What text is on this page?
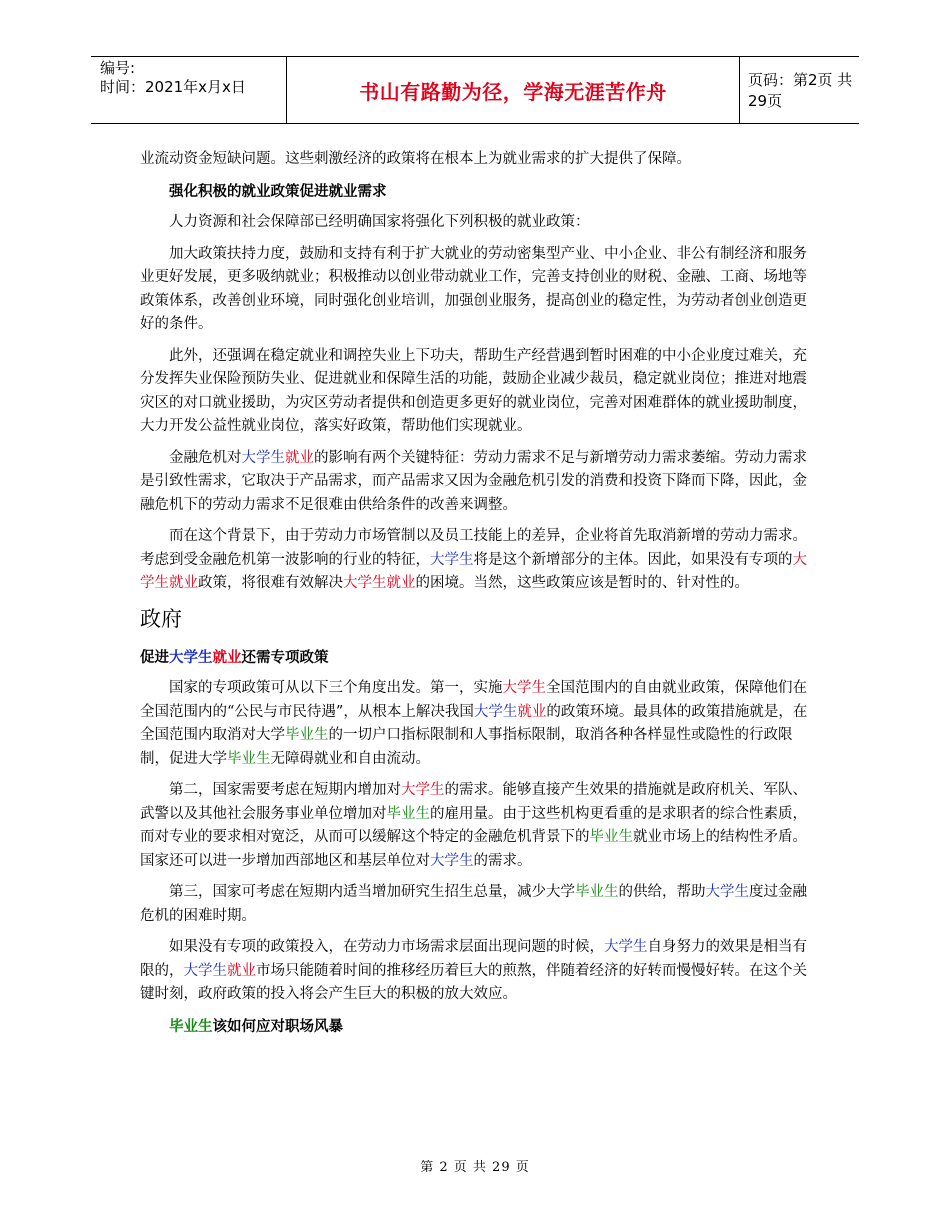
编号:
时间：2021年x月x日	书山有路勤为径，学海无涯苦作舟	页码：第2页 共29页

业流动资金短缺问题。这些刺激经济的政策将在根本上为就业需求的扩大提供了保障。

强化积极的就业政策促进就业需求

人力资源和社会保障部已经明确国家将强化下列积极的就业政策：

加大政策扶持力度，鼓励和支持有利于扩大就业的劳动密集型产业、中小企业、非公有制经济和服务业更好发展，更多吸纳就业；积极推动以创业带动就业工作，完善支持创业的财税、金融、工商、场地等政策体系，改善创业环境，同时强化创业培训，加强创业服务，提高创业的稳定性，为劳动者创业创造更好的条件。

此外，还强调在稳定就业和调控失业上下功夫，帮助生产经营遇到暂时困难的中小企业度过难关，充分发挥失业保险预防失业、促进就业和保障生活的功能，鼓励企业减少裁员，稳定就业岗位；推进对地震灾区的对口就业援助，为灾区劳动者提供和创造更多更好的就业岗位，完善对困难群体的就业援助制度，大力开发公益性就业岗位，落实好政策，帮助他们实现就业。

金融危机对大学生就业的影响有两个关键特征：劳动力需求不足与新增劳动力需求萎缩。劳动力需求是引致性需求，它取决于产品需求，而产品需求又因为金融危机引发的消费和投资下降而下降，因此，金融危机下的劳动力需求不足很难由供给条件的改善来调整。

而在这个背景下，由于劳动力市场管制以及员工技能上的差异，企业将首先取消新增的劳动力需求。考虑到受金融危机第一波影响的行业的特征，大学生将是这个新增部分的主体。因此，如果没有专项的大学生就业政策，将很难有效解决大学生就业的困境。当然，这些政策应该是暂时的、针对性的。

政府

促进大学生就业还需专项政策

国家的专项政策可从以下三个角度出发。第一，实施大学生全国范围内的自由就业政策，保障他们在全国范围内的“公民与市民待遇”，从根本上解决我国大学生就业的政策环境。最具体的政策措施就是，在全国范围内取消对大学毕业生的一切户口指标限制和人事指标限制，取消各种各样显性或隐性的行政限制，促进大学毕业生无障碍就业和自由流动。

第二，国家需要考虑在短期内增加对大学生的需求。能够直接产生效果的措施就是政府机关、军队、武警以及其他社会服务事业单位增加对毕业生的雇用量。由于这些机构更看重的是求职者的综合性素质，而对专业的要求相对宽泛，从而可以缓解这个特定的金融危机背景下的毕业生就业市场上的结构性矛盾。国家还可以进一步增加西部地区和基层单位对大学生的需求。

第三，国家可考虑在短期内适当增加研究生招生总量，减少大学毕业生的供给，帮助大学生度过金融危机的困难时期。

如果没有专项的政策投入，在劳动力市场需求层面出现问题的时候，大学生自身努力的效果是相当有限的，大学生就业市场只能随着时间的推移经历着巨大的煎熬，伴随着经济的好转而慢慢好转。在这个关键时刻，政府政策的投入将会产生巨大的积极的放大效应。

毕业生该如何应对职场风暴

第 2 页 共 29 页
